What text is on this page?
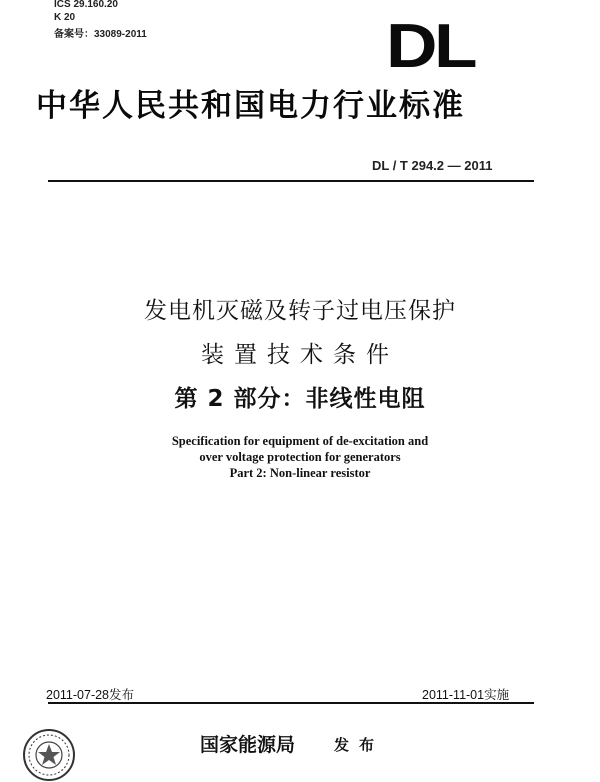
ICS 29.160.20
K 20
备案号：33089-2011	DL
中华人民共和国电力行业标准
DL / T 294.2 — 2011
发电机灭磁及转子过电压保护
装置技术条件
第 2 部分：非线性电阻
Specification for equipment of de-excitation and
over voltage protection for generators
Part 2: Non-linear resistor
2011-07-28发布	2011-11-01实施
国家能源局	发布
